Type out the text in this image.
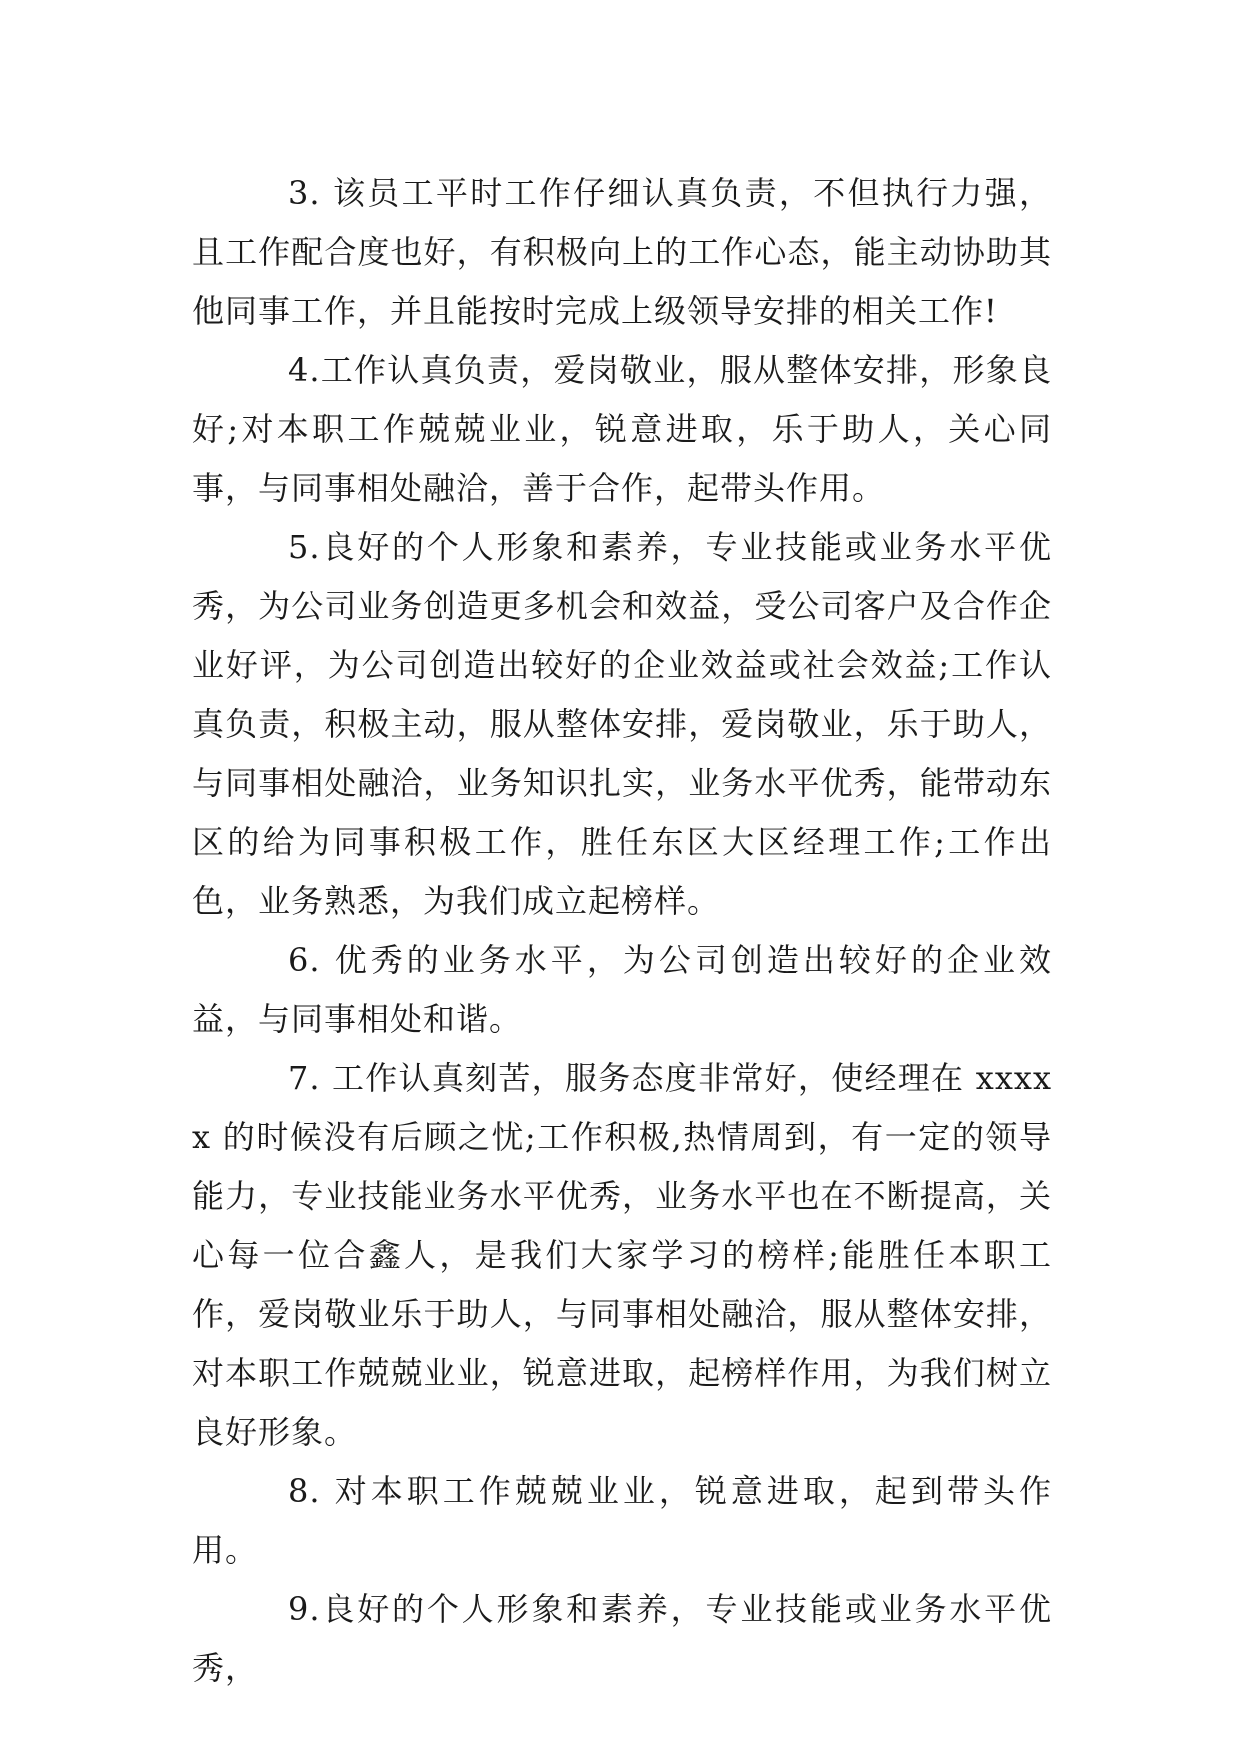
3. 该员工平时工作仔细认真负责，不但执行力强，且工作配合度也好，有积极向上的工作心态，能主动协助其他同事工作，并且能按时完成上级领导安排的相关工作!

4.工作认真负责，爱岗敬业，服从整体安排，形象良好;对本职工作兢兢业业，锐意进取，乐于助人，关心同事，与同事相处融洽，善于合作，起带头作用。

5.良好的个人形象和素养，专业技能或业务水平优秀，为公司业务创造更多机会和效益，受公司客户及合作企业好评，为公司创造出较好的企业效益或社会效益;工作认真负责，积极主动，服从整体安排，爱岗敬业，乐于助人，与同事相处融洽，业务知识扎实，业务水平优秀，能带动东区的给为同事积极工作，胜任东区大区经理工作;工作出色，业务熟悉，为我们成立起榜样。

6. 优秀的业务水平，为公司创造出较好的企业效益，与同事相处和谐。

7. 工作认真刻苦，服务态度非常好，使经理在 xxxxx 的时候没有后顾之忧;工作积极,热情周到，有一定的领导能力，专业技能业务水平优秀，业务水平也在不断提高，关心每一位合鑫人，是我们大家学习的榜样;能胜任本职工作，爱岗敬业乐于助人，与同事相处融洽，服从整体安排，对本职工作兢兢业业，锐意进取，起榜样作用，为我们树立良好形象。

8. 对本职工作兢兢业业，锐意进取，起到带头作用。

9.良好的个人形象和素养，专业技能或业务水平优秀，
